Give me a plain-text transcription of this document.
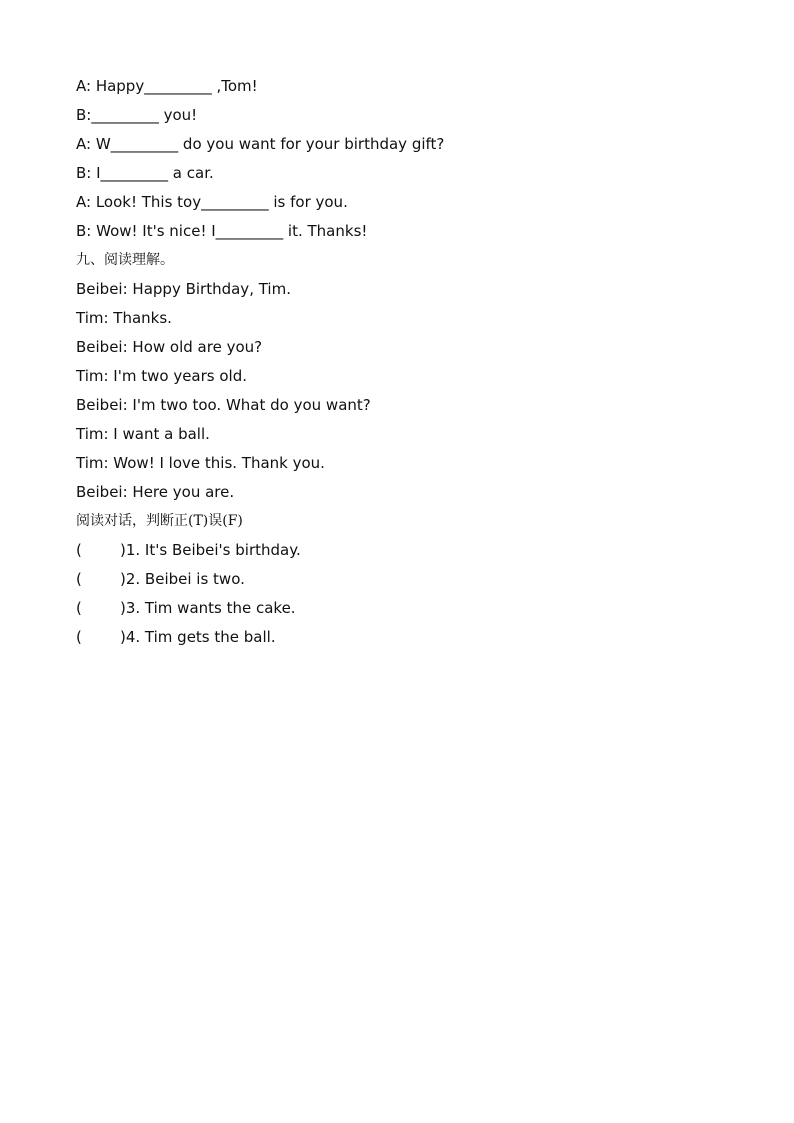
A: Happy_________ ,Tom!
B:_________ you!
A: W_________ do you want for your birthday gift?
B: I_________ a car.
A: Look! This toy_________ is for you.
B: Wow! It's nice! I_________ it. Thanks!
九、阅读理解。
Beibei: Happy Birthday, Tim.
Tim: Thanks.
Beibei: How old are you?
Tim: I'm two years old.
Beibei: I'm two too. What do you want?
Tim: I want a ball.
Tim: Wow! I love this. Thank you.
Beibei: Here you are.
阅读对话，判断正(T)误(F)
(        )1. It's Beibei's birthday.
(        )2. Beibei is two.
(        )3. Tim wants the cake.
(        )4. Tim gets the ball.
